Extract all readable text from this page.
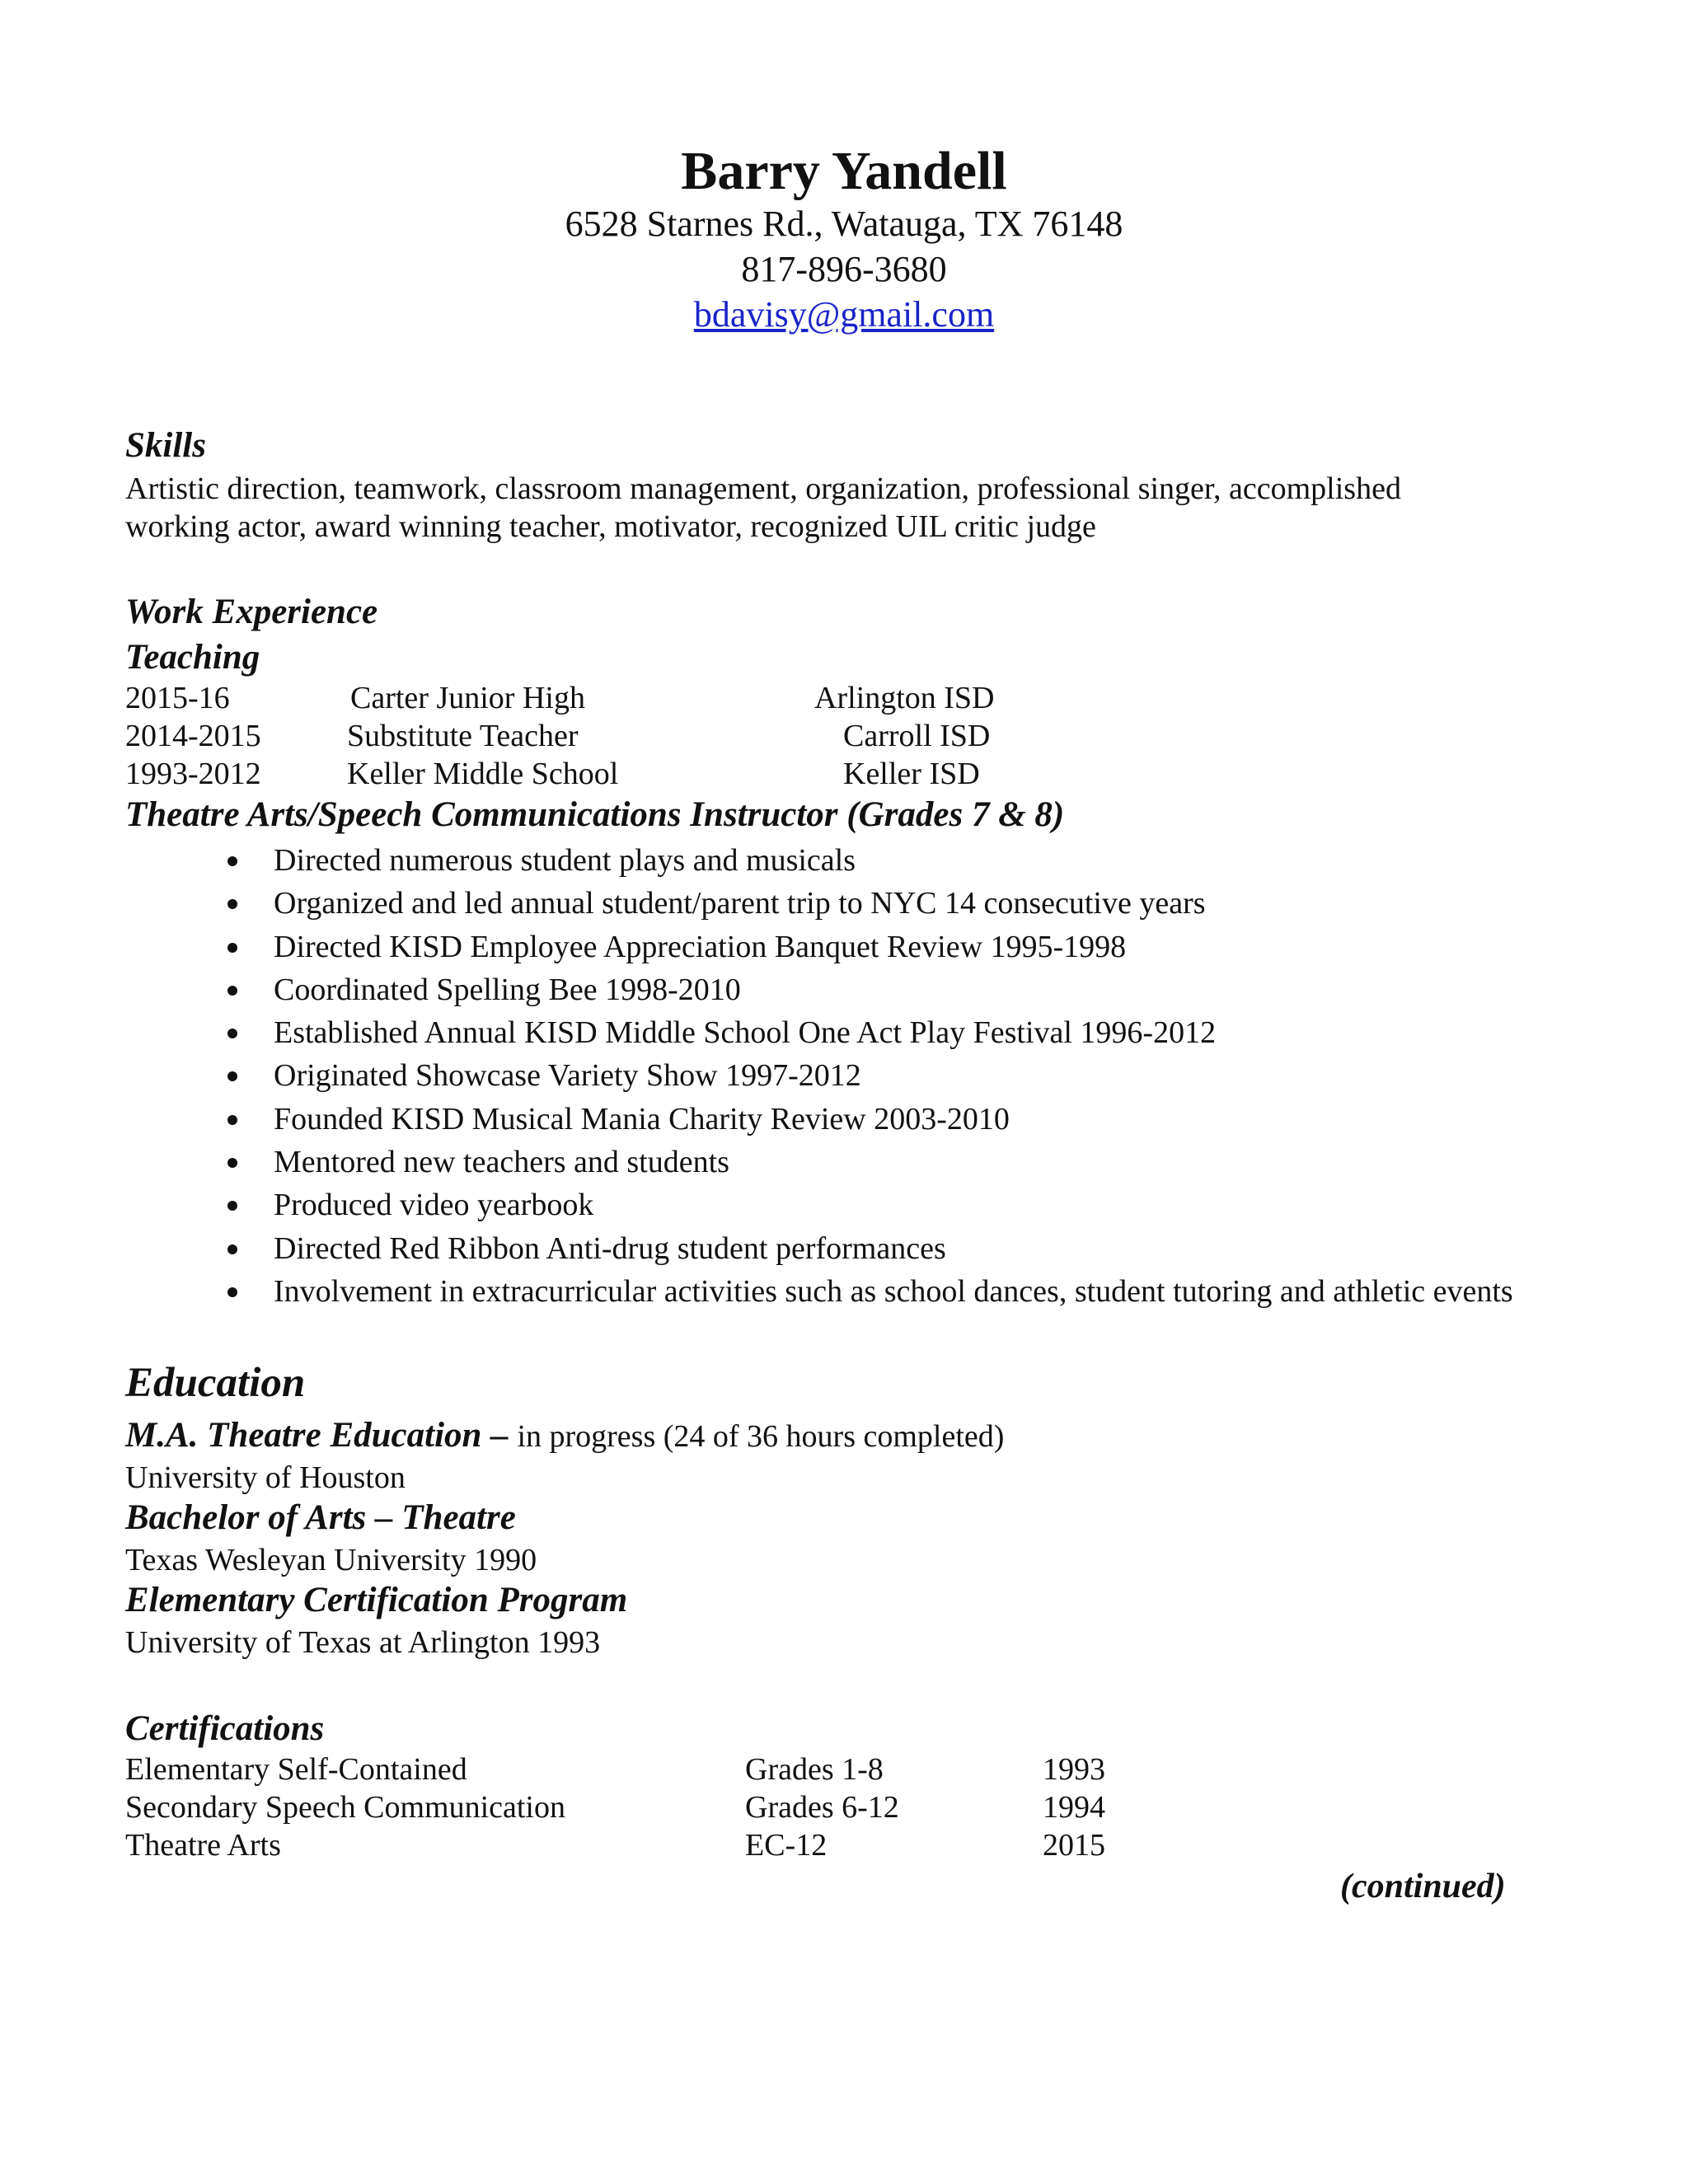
Barry Yandell
6528 Starnes Rd., Watauga, TX 76148
817-896-3680
bdavisy@gmail.com
Skills
Artistic direction, teamwork, classroom management, organization, professional singer, accomplished
working actor, award winning teacher, motivator, recognized UIL critic judge
Work Experience
Teaching
2015-16	Carter Junior High	Arlington ISD
2014-2015	Substitute Teacher	Carroll ISD
1993-2012	Keller Middle School	Keller ISD
Theatre Arts/Speech Communications Instructor (Grades 7 & 8)
Directed numerous student plays and musicals
Organized and led annual student/parent trip to NYC 14 consecutive years
Directed KISD Employee Appreciation Banquet Review 1995-1998
Coordinated Spelling Bee 1998-2010
Established Annual KISD Middle School One Act Play Festival 1996-2012
Originated Showcase Variety Show 1997-2012
Founded KISD Musical Mania Charity Review 2003-2010
Mentored new teachers and students
Produced video yearbook
Directed Red Ribbon Anti-drug student performances
Involvement in extracurricular activities such as school dances, student tutoring and athletic events
Education
M.A. Theatre Education – in progress (24 of 36 hours completed)
University of Houston
Bachelor of Arts – Theatre
Texas Wesleyan University 1990
Elementary Certification Program
University of Texas at Arlington 1993
Certifications
Elementary Self-Contained	Grades 1-8	1993
Secondary Speech Communication	Grades 6-12	1994
Theatre Arts	EC-12	2015
(continued)
